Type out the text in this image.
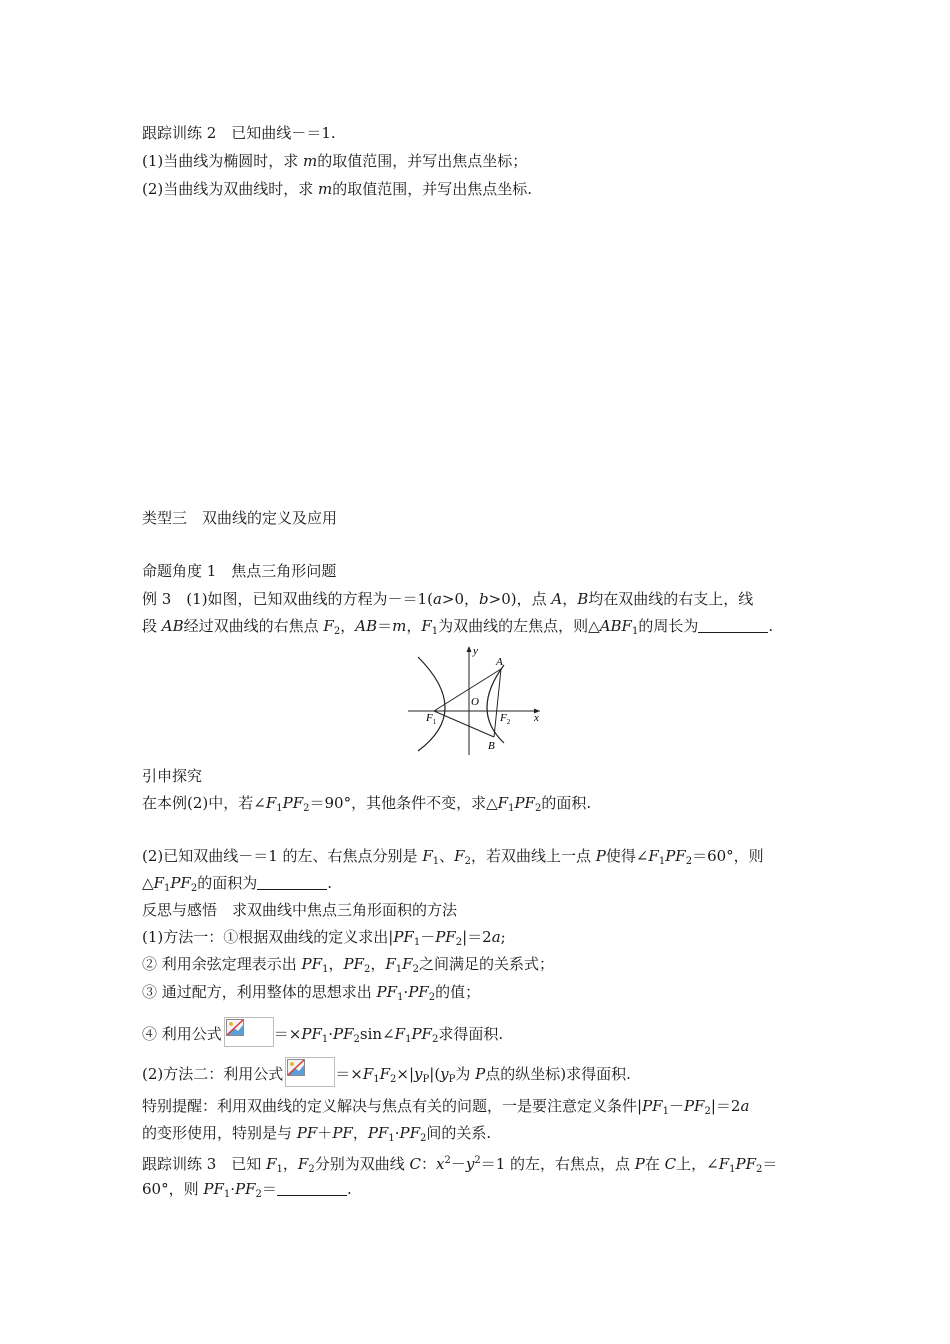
跟踪训练 2　已知曲线－＝1.
(1)当曲线为椭圆时，求 m的取值范围，并写出焦点坐标；
(2)当曲线为双曲线时，求 m的取值范围，并写出焦点坐标.
类型三　双曲线的定义及应用
命题角度 1　焦点三角形问题
例 3　(1)如图，已知双曲线的方程为－＝1(a>0，b>0)，点 A，B均在双曲线的右支上，线
段 AB经过双曲线的右焦点 $F_2$，AB＝m，$F_1$为双曲线的左焦点，则$\triangle ABF_1$的周长为	.
y
x
A
B
O
$F_1$	$F_2$
引申探究
在本例(2)中，若$\angle F_1PF_2=90^\circ$，其他条件不变，求$\triangle F_1PF_2$的面积.
(2)已知双曲线－＝1 的左、右焦点分别是 $F_1$、$F_2$，若双曲线上一点 P使得$\angle F_1PF_2=60^\circ$，则
$\triangle F_1PF_2$的面积为	.
反思与感悟　求双曲线中焦点三角形面积的方法
(1)方法一：①根据双曲线的定义求出$|PF_1-PF_2|=2a$;
② 利用余弦定理表示出 $PF_1$，$PF_2$，$F_1F_2$之间满足的关系式；
③ 通过配方，利用整体的思想求出 $PF_1\cdot PF_2$的值；
④ 利用公式	$=\times PF_1\cdot PF_2\sin\angle F_1PF_2$求得面积.
(2)方法二：利用公式	$=\times F_1F_2\times|y_P|(y_P$为 P点的纵坐标)求得面积.
特别提醒：利用双曲线的定义解决与焦点有关的问题，一是要注意定义条件$|PF_1-PF_2|=2a$
的变形使用，特别是与 PF＋PF，$PF_1\cdot PF_2$间的关系.
跟踪训练 3　已知 $F_1$，$F_2$分别为双曲线 C：$x^2-y^2=1$ 的左，右焦点，点 P在 C上，$\angle F_1PF_2=$
60°，则 $PF_1\cdot PF_2=$	.
